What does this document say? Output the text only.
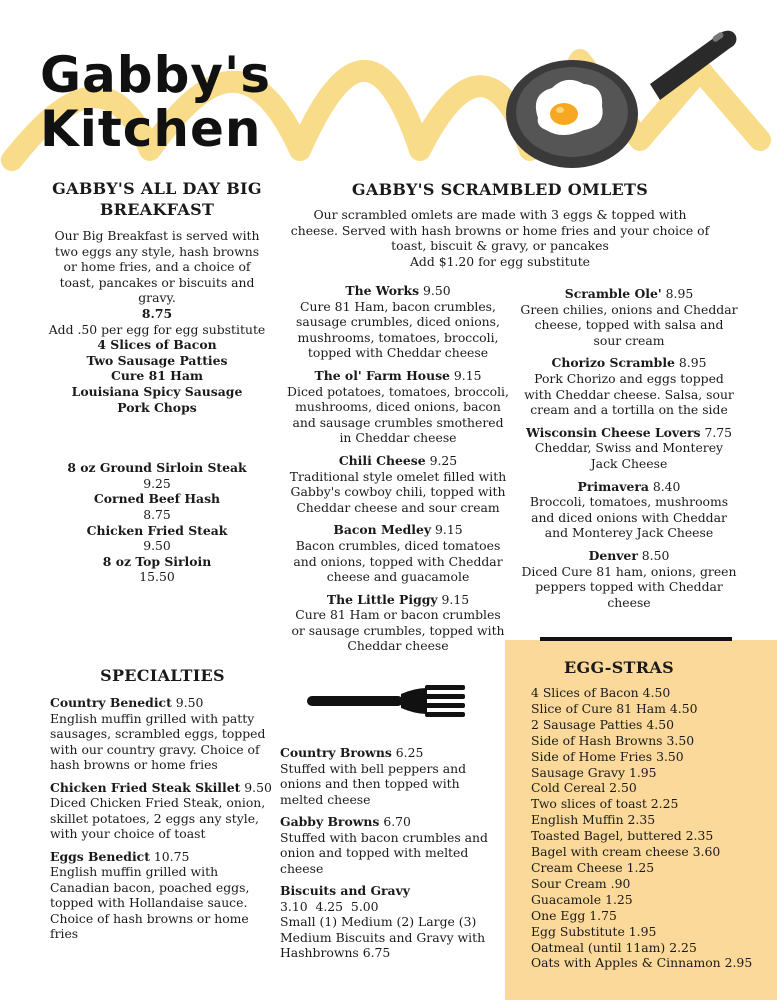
Gabby's
Kitchen
GABBY'S ALL DAY BIG BREAKFAST
Our Big Breakfast is served with two eggs any style, hash browns or home fries, and a choice of toast, pancakes or biscuits and gravy.
8.75
Add .50 per egg for egg substitute
4 Slices of Bacon
Two Sausage Patties
Cure 81 Ham
Louisiana Spicy Sausage
Pork Chops
8 oz Ground Sirloin Steak
9.25
Corned Beef Hash
8.75
Chicken Fried Steak
9.50
8 oz Top Sirloin
15.50
GABBY'S SCRAMBLED OMLETS
Our scrambled omlets are made with 3 eggs & topped with cheese. Served with hash browns or home fries and your choice of toast, biscuit & gravy, or pancakes
Add $1.20 for egg substitute
The Works 9.50
Cure 81 Ham, bacon crumbles, sausage crumbles, diced onions, mushrooms, tomatoes, broccoli, topped with Cheddar cheese
The ol' Farm House 9.15
Diced potatoes, tomatoes, broccoli, mushrooms, diced onions, bacon and sausage crumbles smothered in Cheddar cheese
Chili Cheese 9.25
Traditional style omelet filled with Gabby's cowboy chili, topped with Cheddar cheese and sour cream
Bacon Medley 9.15
Bacon crumbles, diced tomatoes and onions, topped with Cheddar cheese and guacamole
The Little Piggy 9.15
Cure 81 Ham or bacon crumbles or sausage crumbles, topped with Cheddar cheese
Scramble Ole' 8.95
Green chilies, onions and Cheddar cheese, topped with salsa and sour cream
Chorizo Scramble 8.95
Pork Chorizo and eggs topped with Cheddar cheese. Salsa, sour cream and a tortilla on the side
Wisconsin Cheese Lovers 7.75
Cheddar, Swiss and Monterey Jack Cheese
Primavera 8.40
Broccoli, tomatoes, mushrooms and diced onions with Cheddar and Monterey Jack Cheese
Denver 8.50
Diced Cure 81 ham, onions, green peppers topped with Cheddar cheese
SPECIALTIES
Country Benedict 9.50
English muffin grilled with patty sausages, scrambled eggs, topped with our country gravy. Choice of hash browns or home fries
Chicken Fried Steak Skillet 9.50
Diced Chicken Fried Steak, onion, skillet potatoes, 2 eggs any style, with your choice of toast
Eggs Benedict 10.75
English muffin grilled with Canadian bacon, poached eggs, topped with Hollandaise sauce. Choice of hash browns or home fries
Country Browns 6.25
Stuffed with bell peppers and onions and then topped with melted cheese
Gabby Browns 6.70
Stuffed with bacon crumbles and onion and topped with melted cheese
Biscuits and Gravy 3.10  4.25  5.00
Small (1) Medium (2) Large (3) Medium Biscuits and Gravy with Hashbrowns 6.75
EGG-STRAS
4 Slices of Bacon 4.50
Slice of Cure 81 Ham 4.50
2 Sausage Patties 4.50
Side of Hash Browns 3.50
Side of Home Fries 3.50
Sausage Gravy 1.95
Cold Cereal 2.50
Two slices of toast 2.25
English Muffin 2.35
Toasted Bagel, buttered 2.35
Bagel with cream cheese 3.60
Cream Cheese 1.25
Sour Cream .90
Guacamole 1.25
One Egg 1.75
Egg Substitute 1.95
Oatmeal (until 11am) 2.25
Oats with Apples & Cinnamon 2.95
